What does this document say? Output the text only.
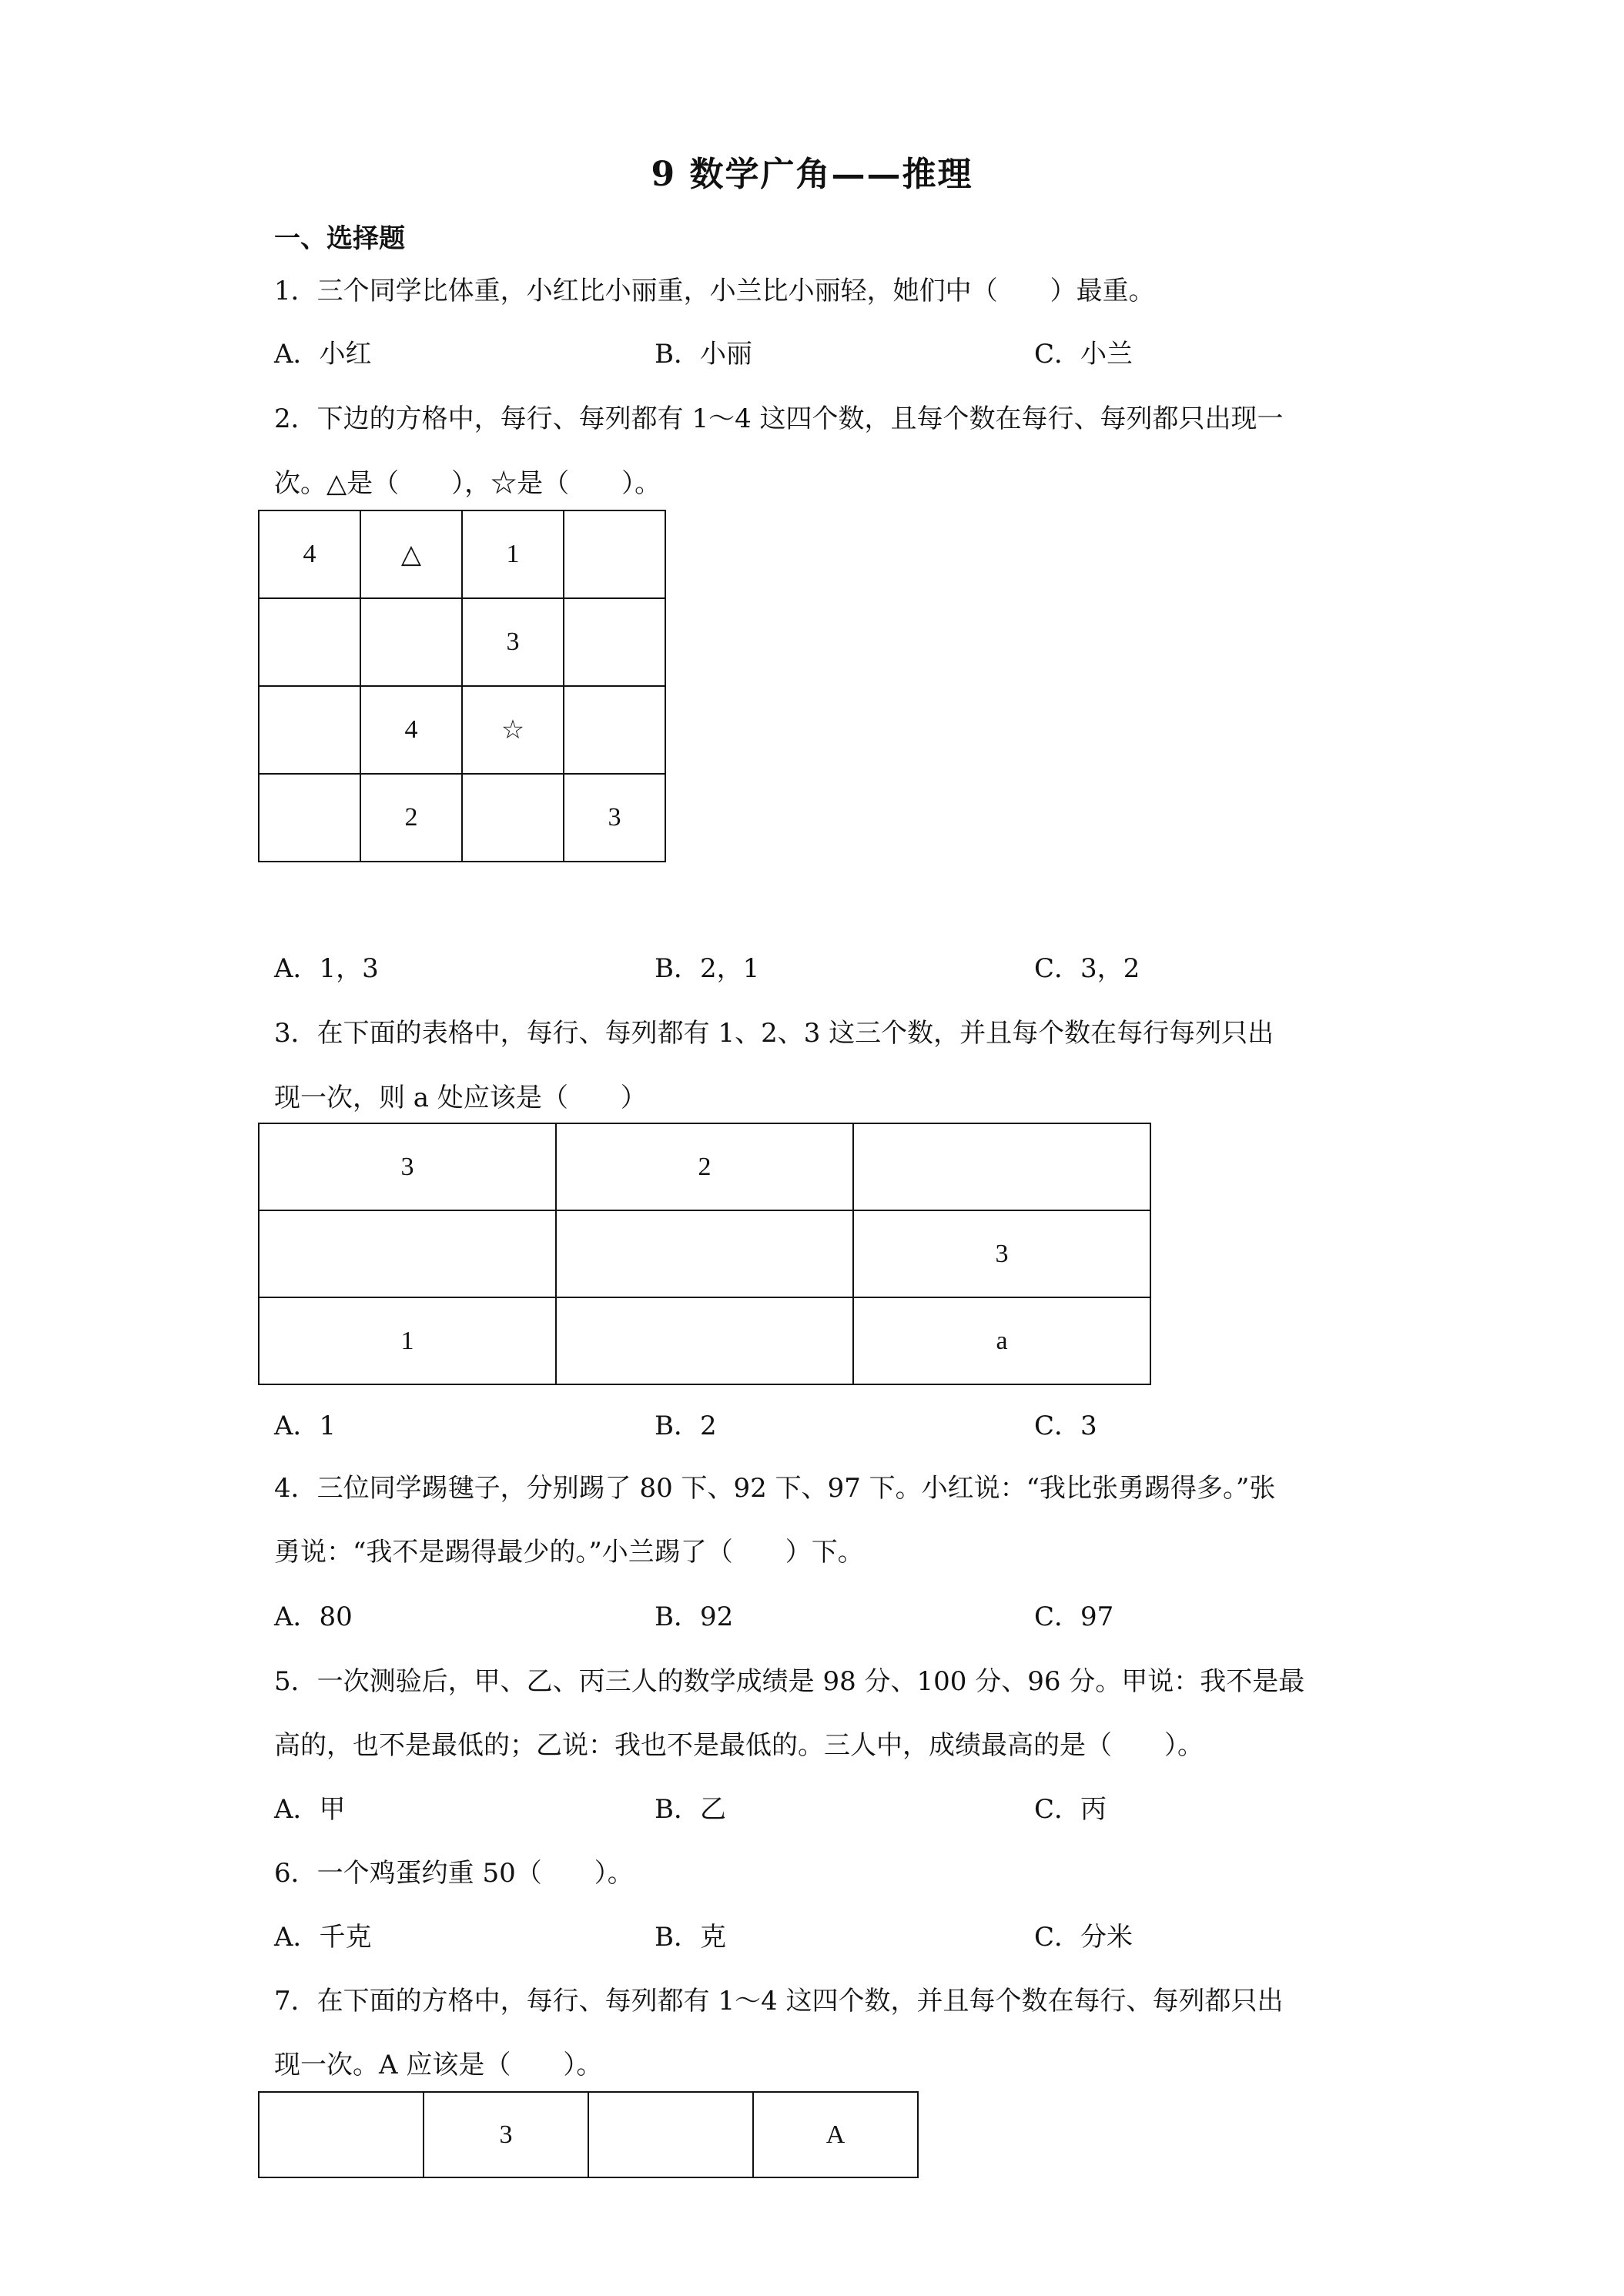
9 数学广角——推理
一、选择题
1．三个同学比体重，小红比小丽重，小兰比小丽轻，她们中（　　）最重。
A．小红	B．小丽	C．小兰
2．下边的方格中，每行、每列都有 1～4 这四个数，且每个数在每行、每列都只出现一
次。△是（　　），☆是（　　）。
4	△	1	
		3	
	4	☆	
	2		3
A．1，3	B．2，1	C．3，2
3．在下面的表格中，每行、每列都有 1、2、3 这三个数，并且每个数在每行每列只出
现一次，则 a 处应该是（　　）
3	2	
		3
1		a
A．1	B．2	C．3
4．三位同学踢毽子，分别踢了 80 下、92 下、97 下。小红说：“我比张勇踢得多。”张
勇说：“我不是踢得最少的。”小兰踢了（　　）下。
A．80	B．92	C．97
5．一次测验后，甲、乙、丙三人的数学成绩是 98 分、100 分、96 分。甲说：我不是最
高的，也不是最低的；乙说：我也不是最低的。三人中，成绩最高的是（　　）。
A．甲	B．乙	C．丙
6．一个鸡蛋约重 50（　　）。
A．千克	B．克	C．分米
7．在下面的方格中，每行、每列都有 1～4 这四个数，并且每个数在每行、每列都只出
现一次。A 应该是（　　）。
	3		A
